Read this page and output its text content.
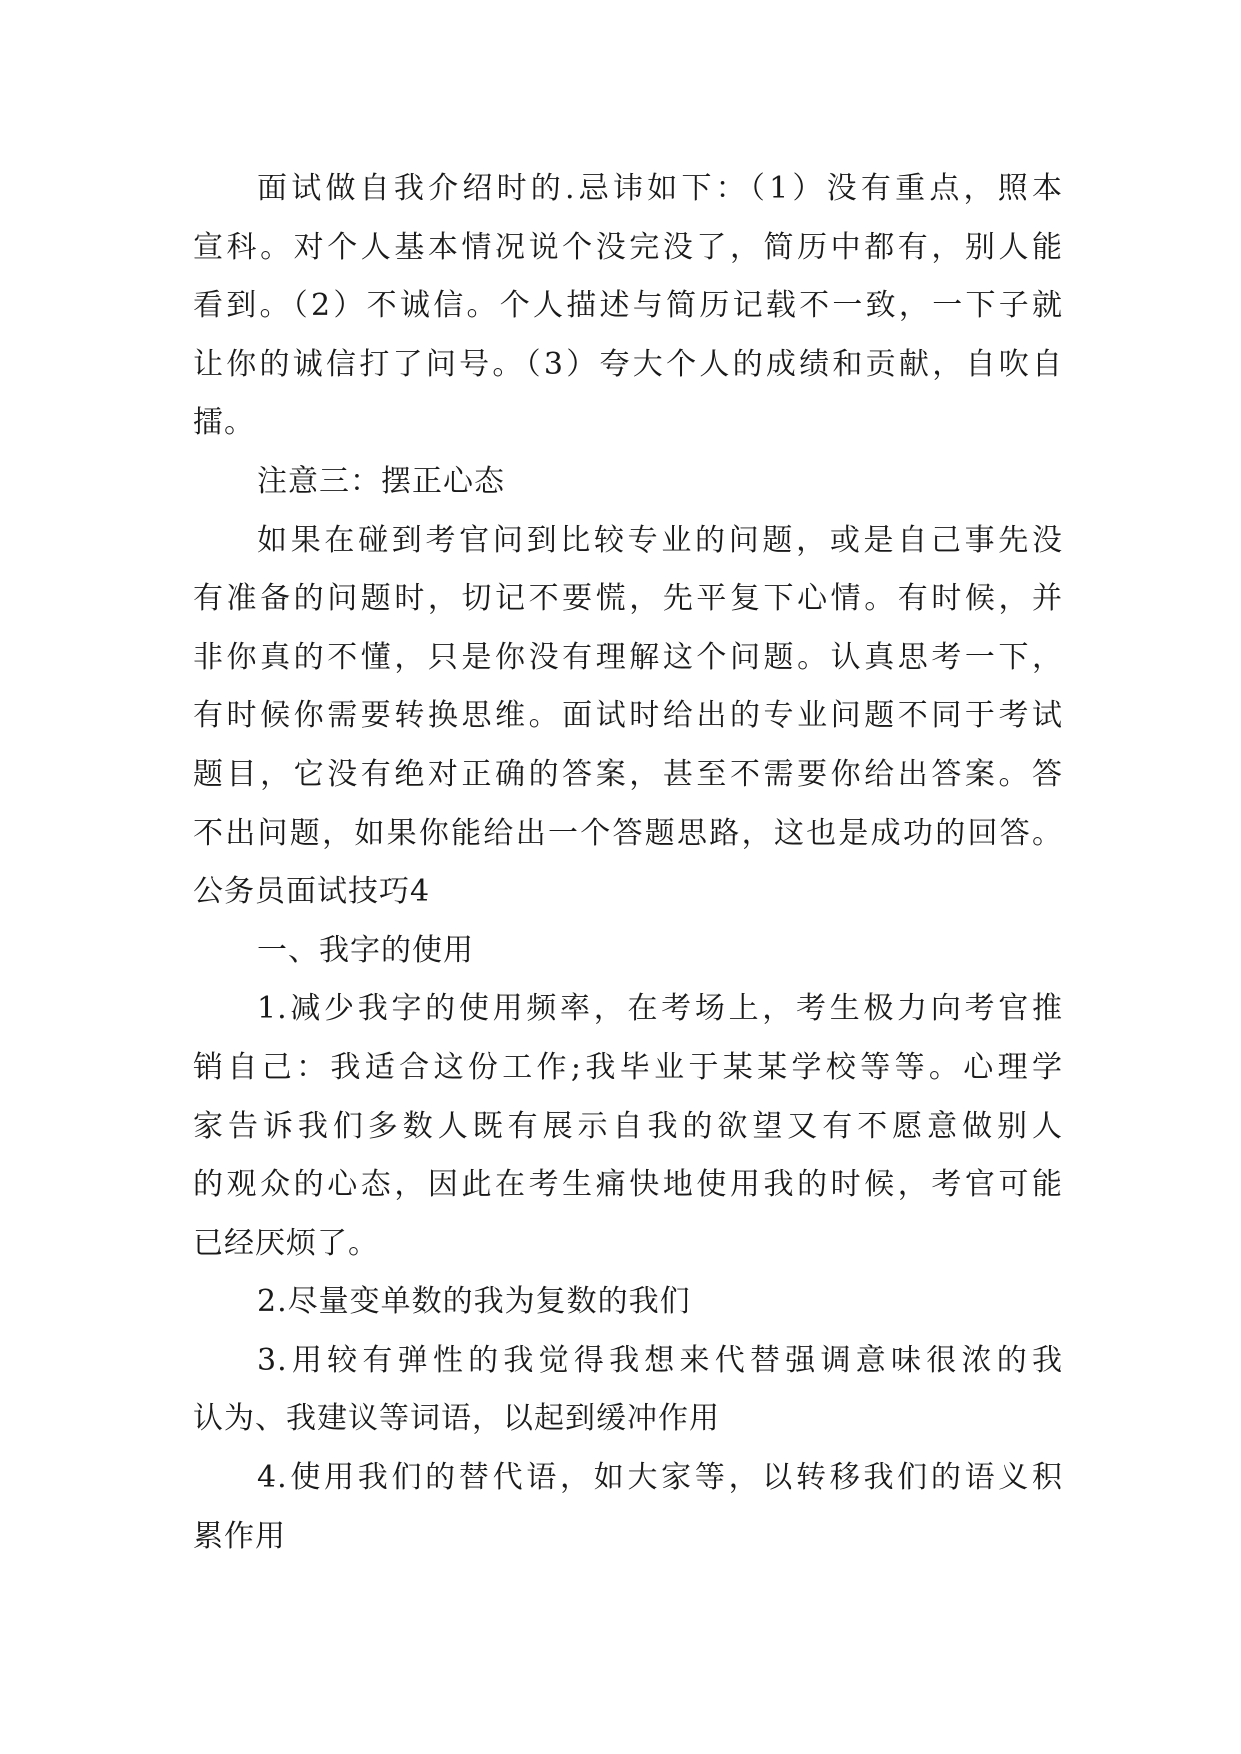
面试做自我介绍时的.忌讳如下：（1）没有重点，照本
宣科。对个人基本情况说个没完没了，简历中都有，别人能
看到。（2）不诚信。个人描述与简历记载不一致，一下子就
让你的诚信打了问号。（3）夸大个人的成绩和贡献，自吹自
擂。
注意三：摆正心态
如果在碰到考官问到比较专业的问题，或是自己事先没
有准备的问题时，切记不要慌，先平复下心情。有时候，并
非你真的不懂，只是你没有理解这个问题。认真思考一下，
有时候你需要转换思维。面试时给出的专业问题不同于考试
题目，它没有绝对正确的答案，甚至不需要你给出答案。答
不出问题，如果你能给出一个答题思路，这也是成功的回答。
公务员面试技巧4
一、我字的使用
1.减少我字的使用频率，在考场上，考生极力向考官推
销自己：我适合这份工作;我毕业于某某学校等等。心理学
家告诉我们多数人既有展示自我的欲望又有不愿意做别人
的观众的心态，因此在考生痛快地使用我的时候，考官可能
已经厌烦了。
2.尽量变单数的我为复数的我们
3.用较有弹性的我觉得我想来代替强调意味很浓的我
认为、我建议等词语，以起到缓冲作用
4.使用我们的替代语，如大家等，以转移我们的语义积
累作用
